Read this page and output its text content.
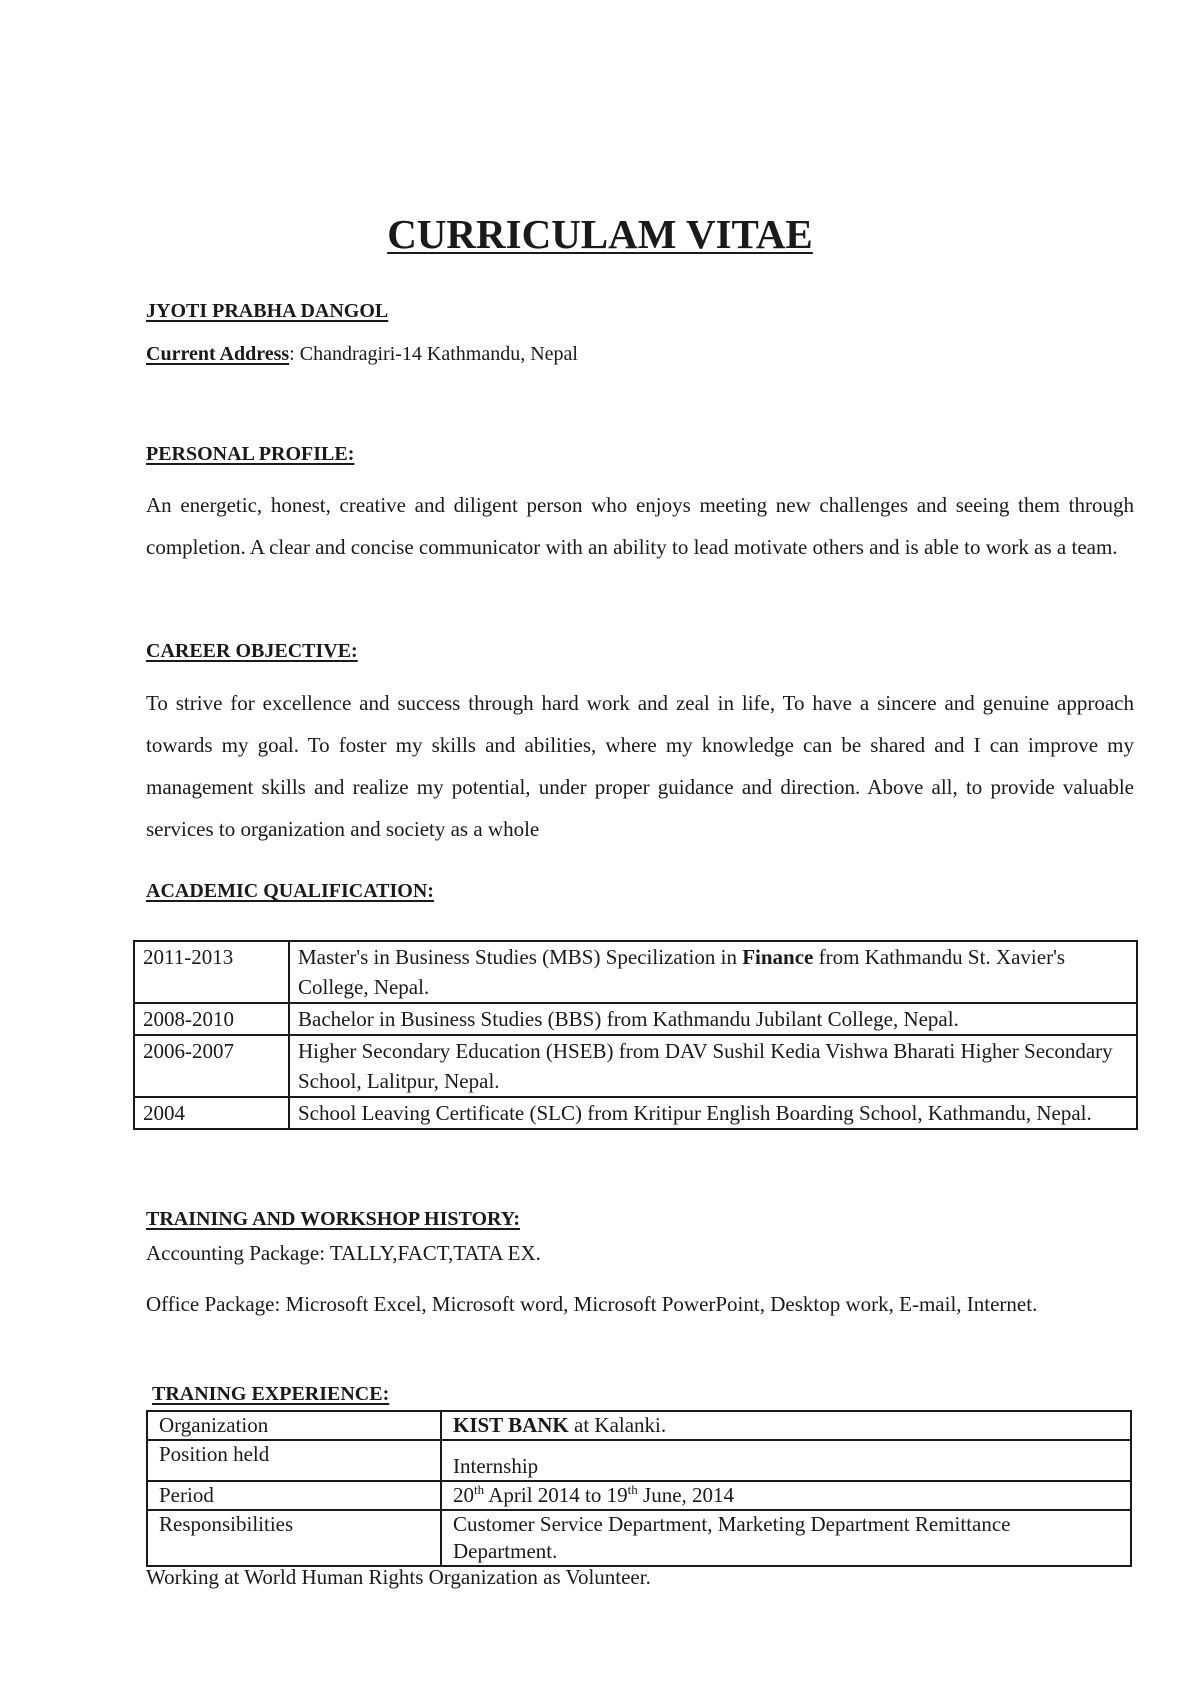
CURRICULAM VITAE
JYOTI PRABHA DANGOL
Current Address: Chandragiri-14 Kathmandu, Nepal
PERSONAL PROFILE:
An energetic, honest, creative and diligent person who enjoys meeting new challenges and seeing them through completion. A clear and concise communicator with an ability to lead motivate others and is able to work as a team.
CAREER OBJECTIVE:
To strive for excellence and success through hard work and zeal in life, To have a sincere and genuine approach towards my goal. To foster my skills and abilities, where my knowledge can be shared and I can improve my management skills and realize my potential, under proper guidance and direction. Above all, to provide valuable services to organization and society as a whole
ACADEMIC QUALIFICATION:
2011-2013	Master's in Business Studies (MBS) Specilization in Finance from Kathmandu St. Xavier's College, Nepal.
2008-2010	Bachelor in Business Studies (BBS) from Kathmandu Jubilant College, Nepal.
2006-2007	Higher Secondary Education (HSEB) from DAV Sushil Kedia Vishwa Bharati Higher Secondary School, Lalitpur, Nepal.
2004	School Leaving Certificate (SLC) from Kritipur English Boarding School, Kathmandu, Nepal.
TRAINING AND WORKSHOP HISTORY:
Accounting Package: TALLY,FACT,TATA EX.
Office Package: Microsoft Excel, Microsoft word, Microsoft PowerPoint, Desktop work, E-mail, Internet.
TRANING EXPERIENCE:
Organization	KIST BANK at Kalanki.
Position held	Internship
Period	20th April 2014 to 19th June, 2014
Responsibilities	Customer Service Department, Marketing Department Remittance Department.
Working at World Human Rights Organization as Volunteer.
